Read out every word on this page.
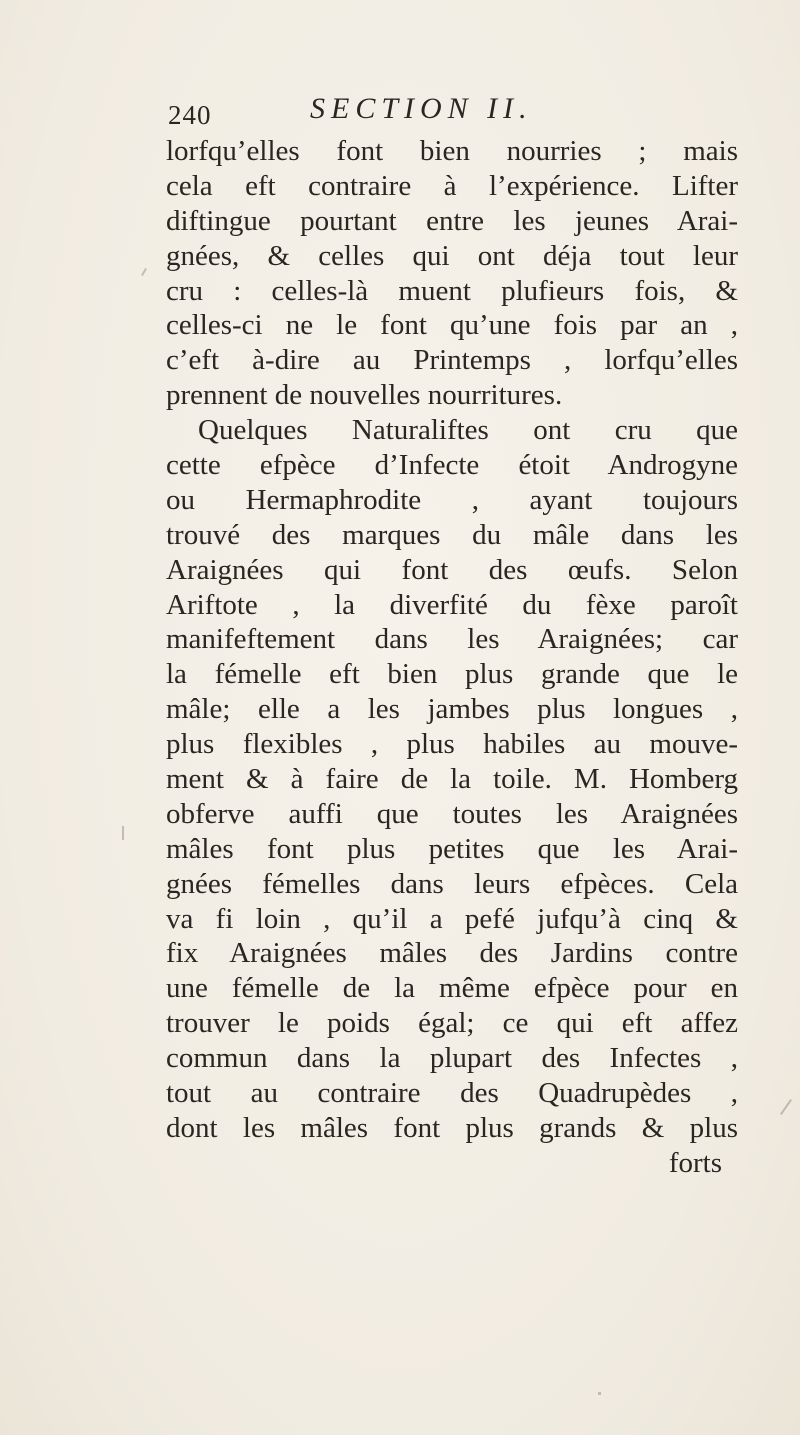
240	SECTION II.
lorfqu’elles font bien nourries ; mais
cela eft contraire à l’expérience. Lifter
diftingue pourtant entre les jeunes Arai-
gnées, & celles qui ont déja tout leur
cru : celles-là muent plufieurs fois, &
celles-ci ne le font qu’une fois par an ,
c’eft à-dire au Printemps , lorfqu’elles
prennent de nouvelles nourritures.
Quelques Naturaliftes ont cru que
cette efpèce d’Infecte étoit Androgyne
ou Hermaphrodite , ayant toujours
trouvé des marques du mâle dans les
Araignées qui font des œufs. Selon
Ariftote , la diverfité du fèxe paroît
manifeftement dans les Araignées; car
la fémelle eft bien plus grande que le
mâle; elle a les jambes plus longues ,
plus flexibles , plus habiles au mouve-
ment & à faire de la toile. M. Homberg
obferve auffi que toutes les Araignées
mâles font plus petites que les Arai-
gnées fémelles dans leurs efpèces. Cela
va fi loin , qu’il a pefé jufqu’à cinq &
fix Araignées mâles des Jardins contre
une fémelle de la même efpèce pour en
trouver le poids égal; ce qui eft affez
commun dans la plupart des Infectes ,
tout au contraire des Quadrupèdes ,
dont les mâles font plus grands & plus
forts
